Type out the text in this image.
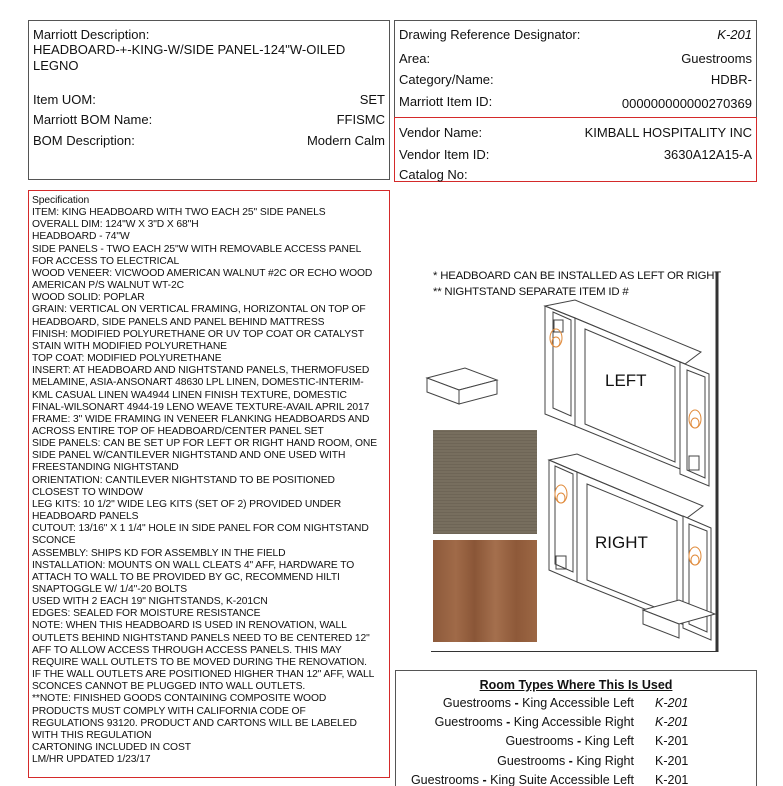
Marriott Description:
HEADBOARD-+-KING-W/SIDE PANEL-124"W-OILED
LEGNO
Item UOM:	SET
Marriott BOM Name:	FFISMC
BOM Description:	Modern Calm
Drawing Reference Designator:	K-201
Area:	Guestrooms
Category/Name:	HDBR-
Marriott Item ID:	000000000000270369
Vendor Name:	KIMBALL HOSPITALITY INC
Vendor Item ID:	3630A12A15-A
Catalog No:
Specification
ITEM: KING HEADBOARD WITH TWO EACH 25" SIDE PANELS
OVERALL DIM: 124"W X 3"D X 68"H
HEADBOARD - 74"W
SIDE PANELS - TWO EACH 25"W WITH REMOVABLE ACCESS PANEL
FOR ACCESS TO ELECTRICAL
WOOD VENEER: VICWOOD AMERICAN WALNUT #2C OR ECHO WOOD
AMERICAN P/S WALNUT WT-2C
WOOD SOLID: POPLAR
GRAIN: VERTICAL ON VERTICAL FRAMING, HORIZONTAL ON TOP OF
HEADBOARD, SIDE PANELS AND PANEL BEHIND MATTRESS
FINISH: MODIFIED POLYURETHANE OR UV TOP COAT OR CATALYST
STAIN WITH MODIFIED POLYURETHANE
TOP COAT: MODIFIED POLYURETHANE
INSERT: AT HEADBOARD AND NIGHTSTAND PANELS, THERMOFUSED
MELAMINE, ASIA-ANSONART 48630 LPL LINEN, DOMESTIC-INTERIM-
KML CASUAL LINEN WA4944 LINEN FINISH TEXTURE, DOMESTIC
FINAL-WILSONART 4944-19 LENO WEAVE TEXTURE-AVAIL APRIL 2017
FRAME: 3" WIDE FRAMING IN VENEER FLANKING HEADBOARDS AND
ACROSS ENTIRE TOP OF HEADBOARD/CENTER PANEL SET
SIDE PANELS: CAN BE SET UP FOR LEFT OR RIGHT HAND ROOM, ONE
SIDE PANEL W/CANTILEVER NIGHTSTAND AND ONE USED WITH
FREESTANDING NIGHTSTAND
ORIENTATION: CANTILEVER NIGHTSTAND TO BE POSITIONED
CLOSEST TO WINDOW
LEG KITS: 10 1/2" WIDE LEG KITS (SET OF 2) PROVIDED UNDER
HEADBOARD PANELS
CUTOUT: 13/16" X 1 1/4" HOLE IN SIDE PANEL FOR COM NIGHTSTAND
SCONCE
ASSEMBLY: SHIPS KD FOR ASSEMBLY IN THE FIELD
INSTALLATION: MOUNTS ON WALL CLEATS 4" AFF, HARDWARE TO
ATTACH TO WALL TO BE PROVIDED BY GC, RECOMMEND HILTI
SNAPTOGGLE W/ 1/4"-20 BOLTS
USED WITH 2 EACH 19" NIGHTSTANDS, K-201CN
EDGES: SEALED FOR MOISTURE RESISTANCE
NOTE: WHEN THIS HEADBOARD IS USED IN RENOVATION, WALL
OUTLETS BEHIND NIGHTSTAND PANELS NEED TO BE CENTERED 12"
AFF TO ALLOW ACCESS THROUGH ACCESS PANELS. THIS MAY
REQUIRE WALL OUTLETS TO BE MOVED DURING THE RENOVATION.
IF THE WALL OUTLETS ARE POSITIONED HIGHER THAN 12" AFF, WALL
SCONCES CANNOT BE PLUGGED INTO WALL OUTLETS.
**NOTE: FINISHED GOODS CONTAINING COMPOSITE WOOD
PRODUCTS MUST COMPLY WITH CALIFORNIA CODE OF
REGULATIONS 93120. PRODUCT AND CARTONS WILL BE LABELED
WITH THIS REGULATION
CARTONING INCLUDED IN COST
LM/HR UPDATED 1/23/17
* HEADBOARD CAN BE INSTALLED AS LEFT OR RIGHT
** NIGHTSTAND SEPARATE ITEM ID #
LEFT
RIGHT
Room Types Where This Is Used
Guestrooms - King Accessible Left K-201
Guestrooms - King Accessible Right K-201
Guestrooms - King Left K-201
Guestrooms - King Right K-201
Guestrooms - King Suite Accessible Left K-201
